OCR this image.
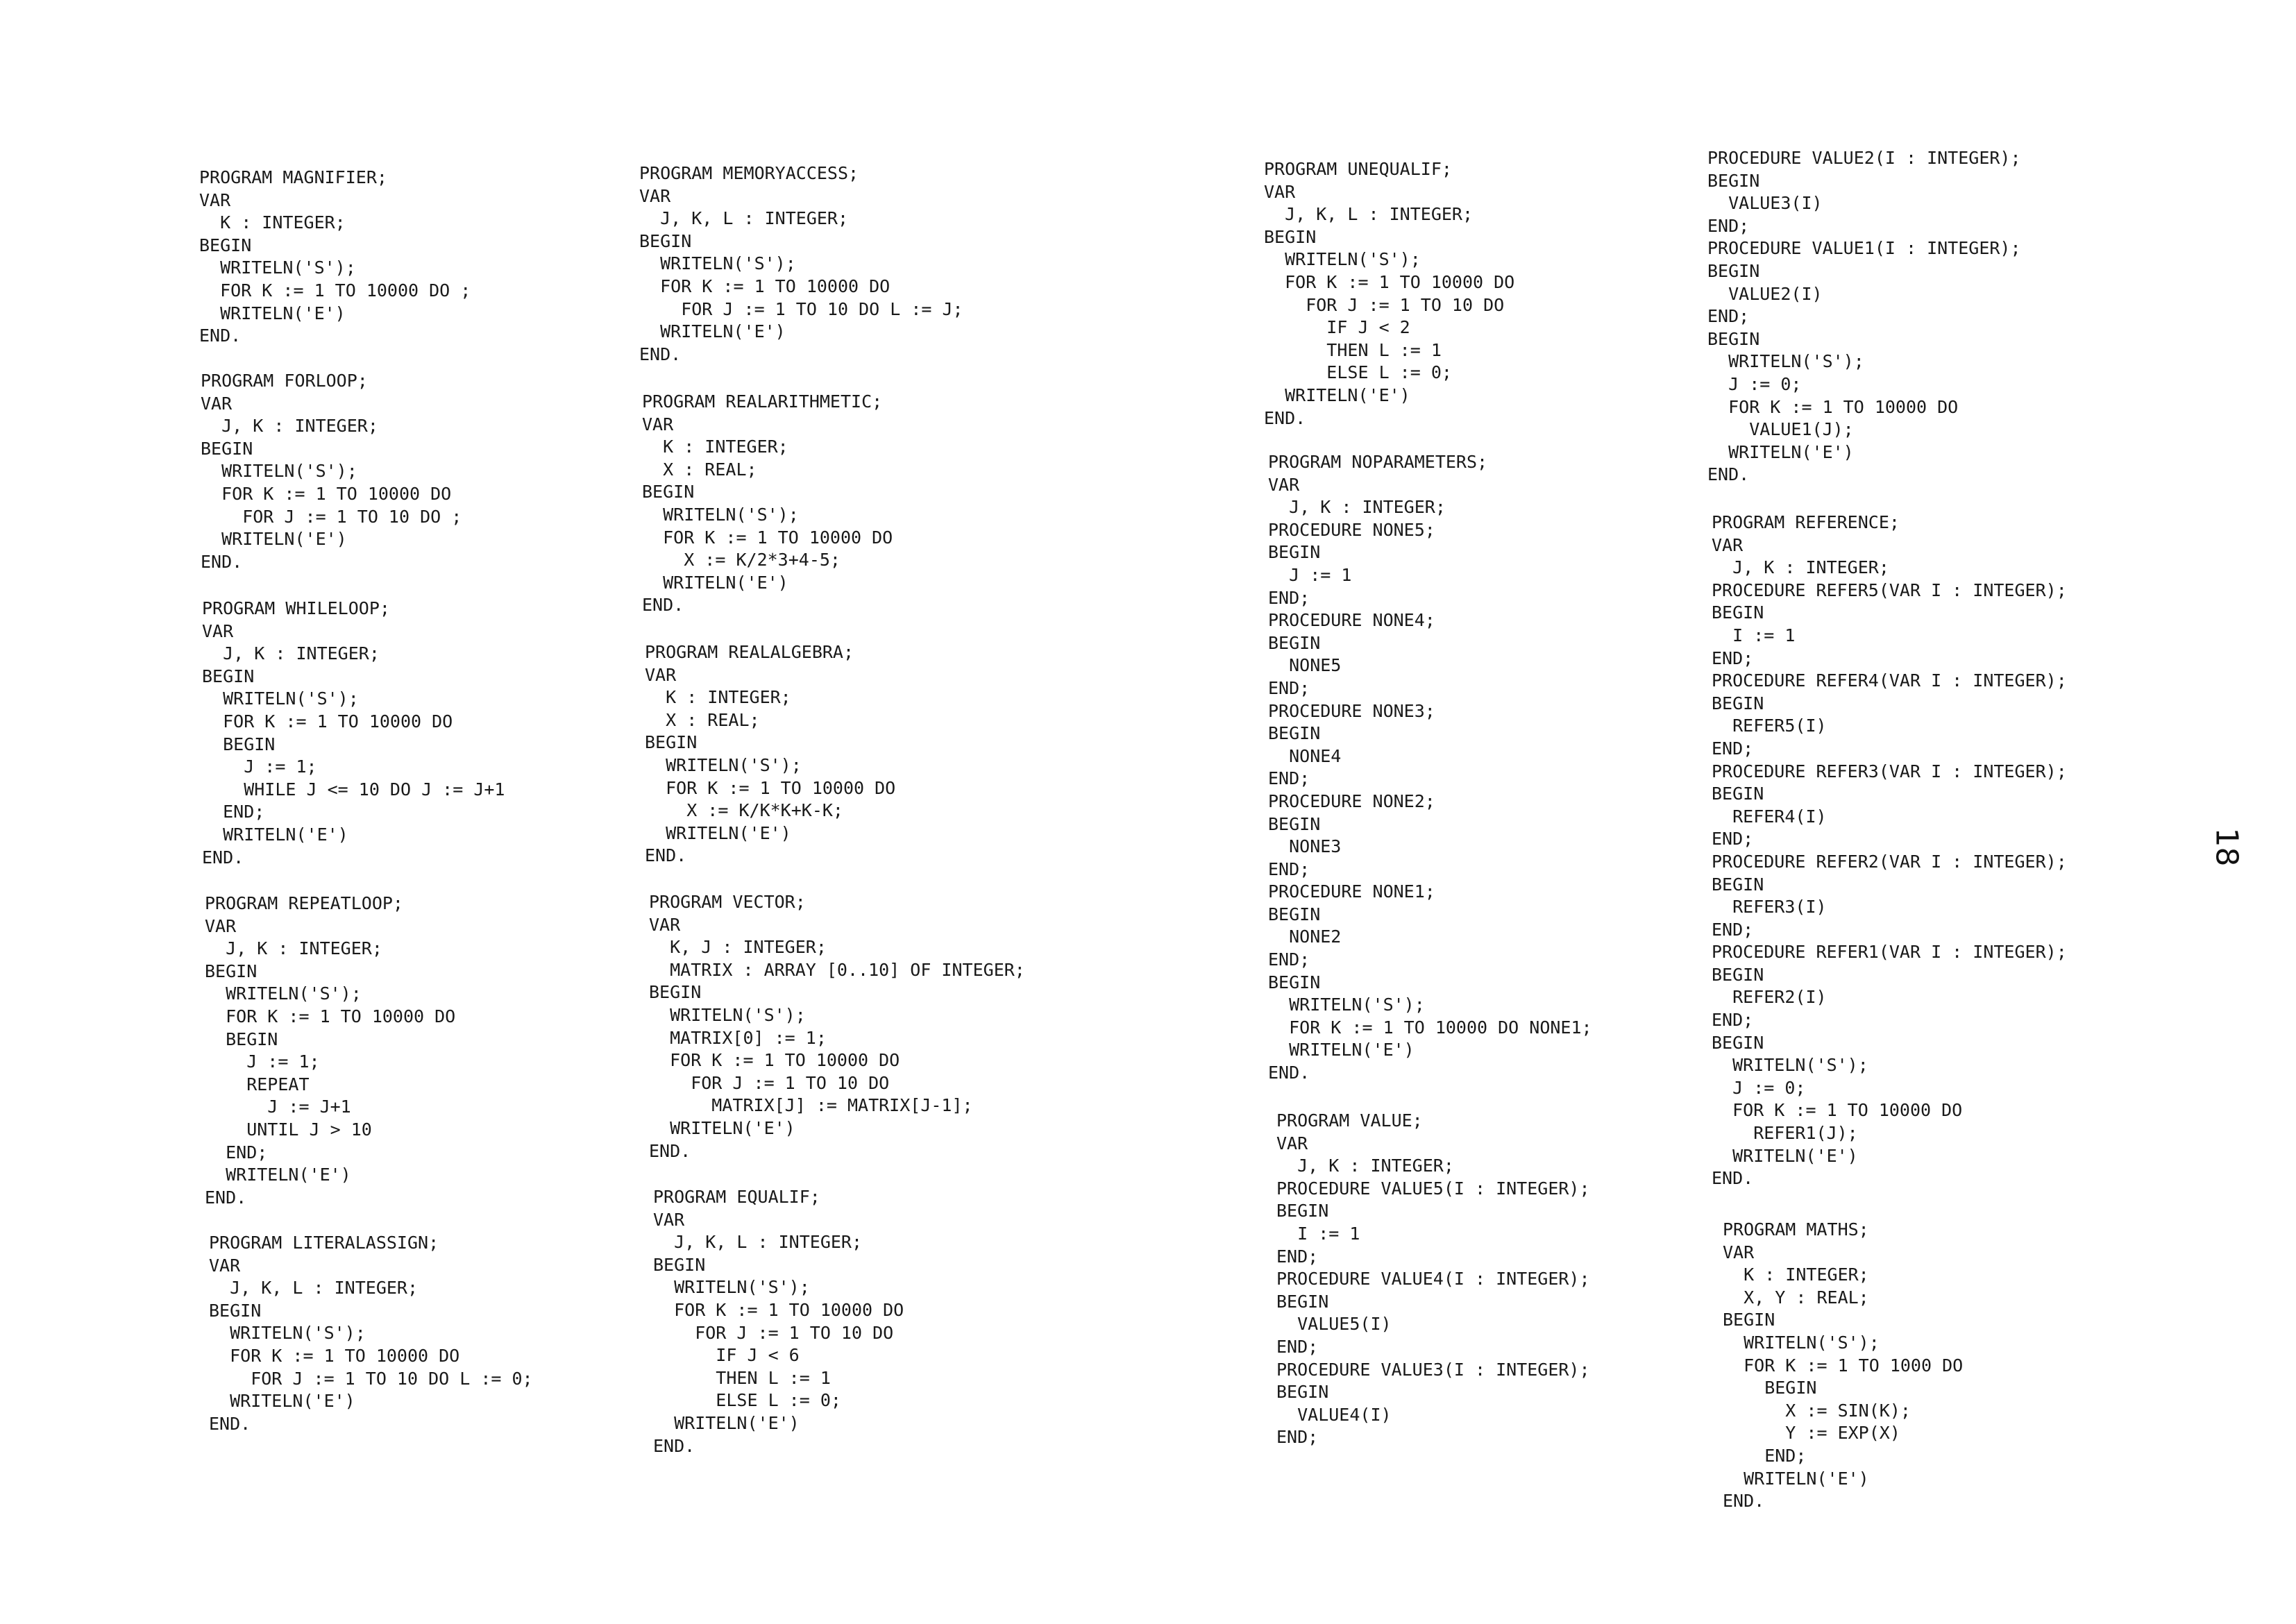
PROGRAM MAGNIFIER;
VAR
K : INTEGER;
BEGIN
WRITELN('S');
FOR K := 1 TO 10000 DO ;
WRITELN('E')
END.
PROGRAM FORLOOP;
VAR
J, K : INTEGER;
BEGIN
WRITELN('S');
FOR K := 1 TO 10000 DO
FOR J := 1 TO 10 DO ;
WRITELN('E')
END.
PROGRAM WHILELOOP;
VAR
J, K : INTEGER;
BEGIN
WRITELN('S');
FOR K := 1 TO 10000 DO
BEGIN
J := 1;
WHILE J <= 10 DO J := J+1
END;
WRITELN('E')
END.
PROGRAM REPEATLOOP;
VAR
J, K : INTEGER;
BEGIN
WRITELN('S');
FOR K := 1 TO 10000 DO
BEGIN
J := 1;
REPEAT
J := J+1
UNTIL J > 10
END;
WRITELN('E')
END.
PROGRAM LITERALASSIGN;
VAR
J, K, L : INTEGER;
BEGIN
WRITELN('S');
FOR K := 1 TO 10000 DO
FOR J := 1 TO 10 DO L := 0;
WRITELN('E')
END.
PROGRAM MEMORYACCESS;
VAR
J, K, L : INTEGER;
BEGIN
WRITELN('S');
FOR K := 1 TO 10000 DO
FOR J := 1 TO 10 DO L := J;
WRITELN('E')
END.
PROGRAM REALARITHMETIC;
VAR
K : INTEGER;
X : REAL;
BEGIN
WRITELN('S');
FOR K := 1 TO 10000 DO
X := K/2*3+4-5;
WRITELN('E')
END.
PROGRAM REALALGEBRA;
VAR
K : INTEGER;
X : REAL;
BEGIN
WRITELN('S');
FOR K := 1 TO 10000 DO
X := K/K*K+K-K;
WRITELN('E')
END.
PROGRAM VECTOR;
VAR
K, J : INTEGER;
MATRIX : ARRAY [0..10] OF INTEGER;
BEGIN
WRITELN('S');
MATRIX[0] := 1;
FOR K := 1 TO 10000 DO
FOR J := 1 TO 10 DO
MATRIX[J] := MATRIX[J-1];
WRITELN('E')
END.
PROGRAM EQUALIF;
VAR
J, K, L : INTEGER;
BEGIN
WRITELN('S');
FOR K := 1 TO 10000 DO
FOR J := 1 TO 10 DO
IF J < 6
THEN L := 1
ELSE L := 0;
WRITELN('E')
END.
PROGRAM UNEQUALIF;
VAR
J, K, L : INTEGER;
BEGIN
WRITELN('S');
FOR K := 1 TO 10000 DO
FOR J := 1 TO 10 DO
IF J < 2
THEN L := 1
ELSE L := 0;
WRITELN('E')
END.
PROGRAM NOPARAMETERS;
VAR
J, K : INTEGER;
PROCEDURE NONE5;
BEGIN
J := 1
END;
PROCEDURE NONE4;
BEGIN
NONE5
END;
PROCEDURE NONE3;
BEGIN
NONE4
END;
PROCEDURE NONE2;
BEGIN
NONE3
END;
PROCEDURE NONE1;
BEGIN
NONE2
END;
BEGIN
WRITELN('S');
FOR K := 1 TO 10000 DO NONE1;
WRITELN('E')
END.
PROGRAM VALUE;
VAR
J, K : INTEGER;
PROCEDURE VALUE5(I : INTEGER);
BEGIN
I := 1
END;
PROCEDURE VALUE4(I : INTEGER);
BEGIN
VALUE5(I)
END;
PROCEDURE VALUE3(I : INTEGER);
BEGIN
VALUE4(I)
END;
PROCEDURE VALUE2(I : INTEGER);
BEGIN
VALUE3(I)
END;
PROCEDURE VALUE1(I : INTEGER);
BEGIN
VALUE2(I)
END;
BEGIN
WRITELN('S');
J := 0;
FOR K := 1 TO 10000 DO
VALUE1(J);
WRITELN('E')
END.
PROGRAM REFERENCE;
VAR
J, K : INTEGER;
PROCEDURE REFER5(VAR I : INTEGER);
BEGIN
I := 1
END;
PROCEDURE REFER4(VAR I : INTEGER);
BEGIN
REFER5(I)
END;
PROCEDURE REFER3(VAR I : INTEGER);
BEGIN
REFER4(I)
END;
PROCEDURE REFER2(VAR I : INTEGER);
BEGIN
REFER3(I)
END;
PROCEDURE REFER1(VAR I : INTEGER);
BEGIN
REFER2(I)
END;
BEGIN
WRITELN('S');
J := 0;
FOR K := 1 TO 10000 DO
REFER1(J);
WRITELN('E')
END.
PROGRAM MATHS;
VAR
K : INTEGER;
X, Y : REAL;
BEGIN
WRITELN('S');
FOR K := 1 TO 1000 DO
BEGIN
X := SIN(K);
Y := EXP(X)
END;
WRITELN('E')
END.
18
